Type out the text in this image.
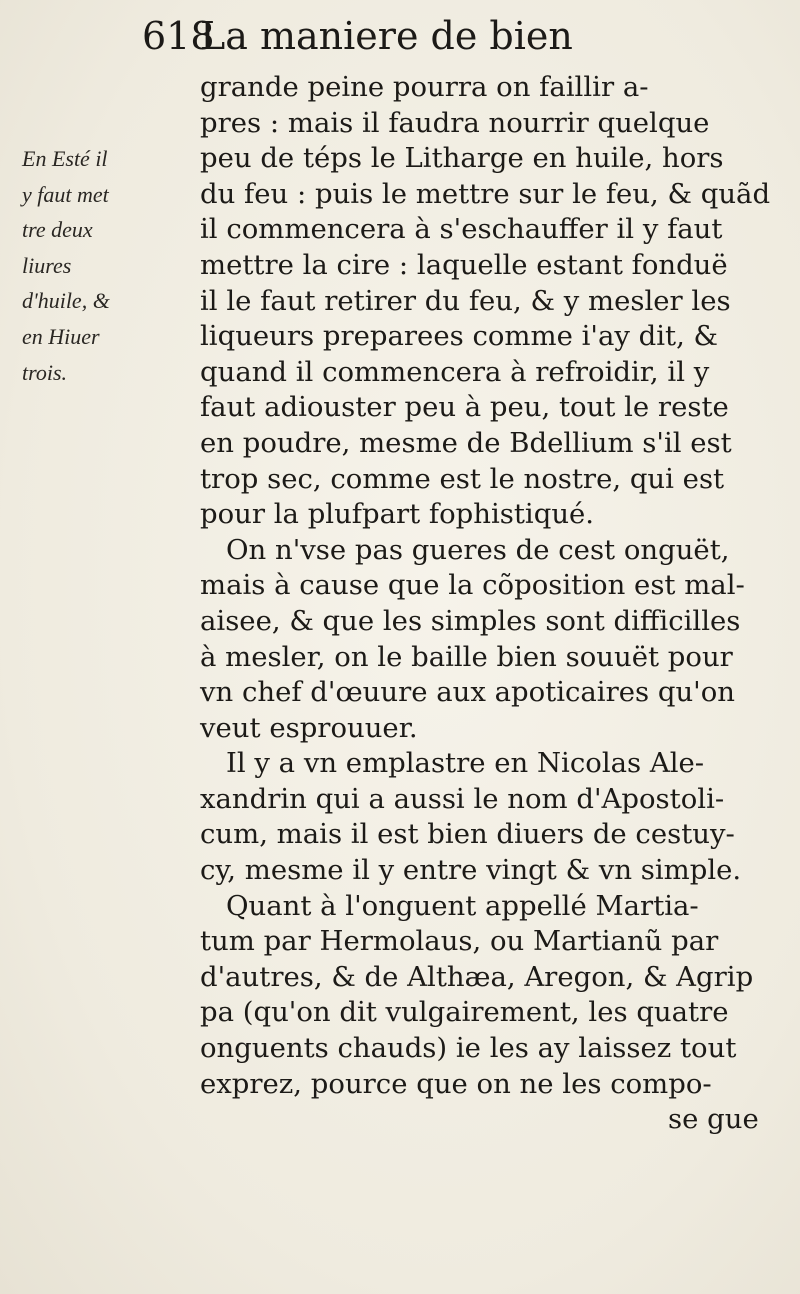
618
La maniere de bien
En Esté il
y faut met
tre deux
liures
d'huile, &
en Hiuer
trois.
grande peine pourra on faillir a-
pres : mais il faudra nourrir quelque
peu de téps le Litharge en huile, hors
du feu : puis le mettre sur le feu, & quãd
il commencera à s'eschauffer il y faut
mettre la cire : laquelle estant fonduë
il le faut retirer du feu, & y mesler les
liqueurs preparees comme i'ay dit, &
quand il commencera à refroidir, il y
faut adiouster peu à peu, tout le reste
en poudre, mesme de Bdellium s'il est
trop sec, comme est le nostre, qui est
pour la plufpart fophistiqué.
On n'vse pas gueres de cest onguët,
mais à cause que la cõposition est mal-
aisee, & que les simples sont difficilles
à mesler, on le baille bien souuët pour
vn chef d'œuure aux apoticaires qu'on
veut esprouuer.
Il y a vn emplastre en Nicolas Ale-
xandrin qui a aussi le nom d'Apostoli-
cum, mais il est bien diuers de cestuy-
cy, mesme il y entre vingt & vn simple.
Quant à l'onguent appellé Martia-
tum par Hermolaus, ou Martianũ par
d'autres, & de Althæa, Aregon, & Agrip
pa (qu'on dit vulgairement, les quatre
onguents chauds) ie les ay laissez tout
exprez, pource que on ne les compo-
se gue
